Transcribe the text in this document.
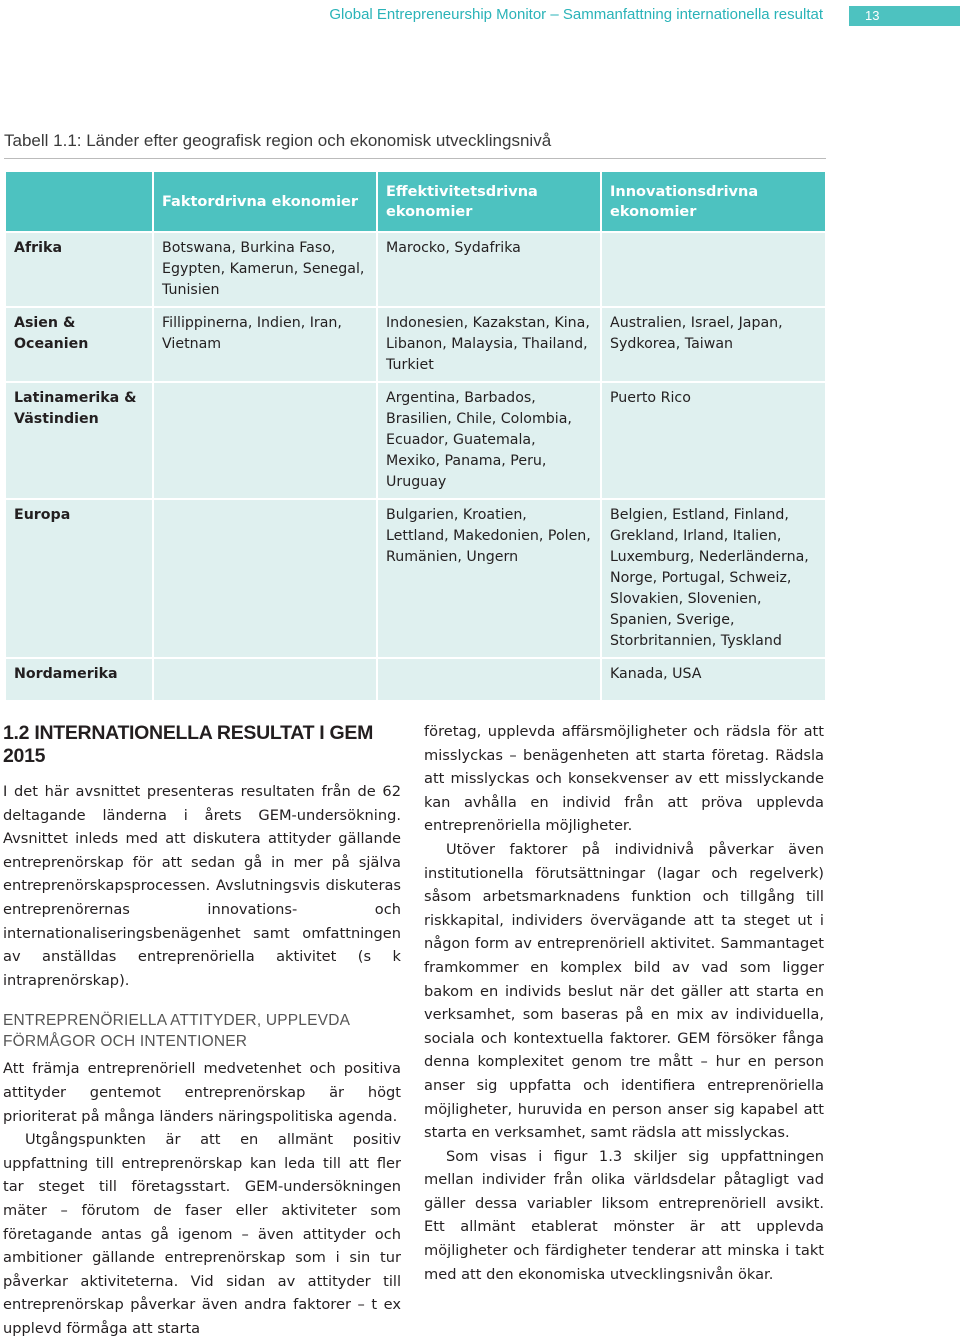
Global Entrepreneurship Monitor – Sammanfattning internationella resultat	13
Tabell 1.1: Länder efter geografisk region och ekonomisk utvecklingsnivå
	Faktordrivna ekonomier	Effektivitetsdrivna ekonomier	Innovationsdrivna ekonomier
Afrika	Botswana, Burkina Faso, Egypten, Kamerun, Senegal, Tunisien	Marocko, Sydafrika	
Asien & Oceanien	Fillippinerna, Indien, Iran, Vietnam	Indonesien, Kazakstan, Kina, Libanon, Malaysia, Thailand, Turkiet	Australien, Israel, Japan, Sydkorea, Taiwan
Latinamerika & Västindien		Argentina, Barbados, Brasilien, Chile, Colombia, Ecuador, Guatemala, Mexiko, Panama, Peru, Uruguay	Puerto Rico
Europa		Bulgarien, Kroatien, Lettland, Makedonien, Polen, Rumänien, Ungern	Belgien, Estland, Finland, Grekland, Irland, Italien, Luxemburg, Nederländerna, Norge, Portugal, Schweiz, Slovakien, Slovenien, Spanien, Sverige, Storbritannien, Tyskland
Nordamerika			Kanada, USA
1.2 INTERNATIONELLA RESULTAT I GEM 2015

I det här avsnittet presenteras resultaten från de 62 deltagande länderna i årets GEM-undersökning. Avsnittet inleds med att diskutera attityder gällande entreprenörskap för att sedan gå in mer på själva entreprenörskapsprocessen. Avslutningsvis diskuteras entreprenörernas innovations- och internationaliseringsbenägenhet samt omfattningen av anställdas entreprenöriella aktivitet (s k intraprenörskap).

ENTREPRENÖRIELLA ATTITYDER, UPPLEVDA FÖRMÅGOR OCH INTENTIONER

Att främja entreprenöriell medvetenhet och positiva attityder gentemot entreprenörskap är högt prioriterat på många länders näringspolitiska agenda.

Utgångspunkten är att en allmänt positiv uppfattning till entreprenörskap kan leda till att fler tar steget till företagsstart. GEM-undersökningen mäter – förutom de faser eller aktiviteter som företagande antas gå igenom – även attityder och ambitioner gällande entreprenörskap som i sin tur påverkar aktiviteterna. Vid sidan av attityder till entreprenörskap påverkar även andra faktorer – t ex upplevd förmåga att starta

företag, upplevda affärsmöjligheter och rädsla för att misslyckas – benägenheten att starta företag. Rädsla att misslyckas och konsekvenser av ett misslyckande kan avhålla en individ från att pröva upplevda entreprenöriella möjligheter.

Utöver faktorer på individnivå påverkar även institutionella förutsättningar (lagar och regelverk) såsom arbetsmarknadens funktion och tillgång till riskkapital, individers övervägande att ta steget ut i någon form av entreprenöriell aktivitet. Sammantaget framkommer en komplex bild av vad som ligger bakom en individs beslut när det gäller att starta en verksamhet, som baseras på en mix av individuella, sociala och kontextuella faktorer. GEM försöker fånga denna komplexitet genom tre mått – hur en person anser sig uppfatta och identifiera entreprenöriella möjligheter, huruvida en person anser sig kapabel att starta en verksamhet, samt rädsla att misslyckas.

Som visas i figur 1.3 skiljer sig uppfattningen mellan individer från olika världsdelar påtagligt vad gäller dessa variabler liksom entreprenöriell avsikt. Ett allmänt etablerat mönster är att upplevda möjligheter och färdigheter tenderar att minska i takt med att den ekonomiska utvecklingsnivån ökar.
